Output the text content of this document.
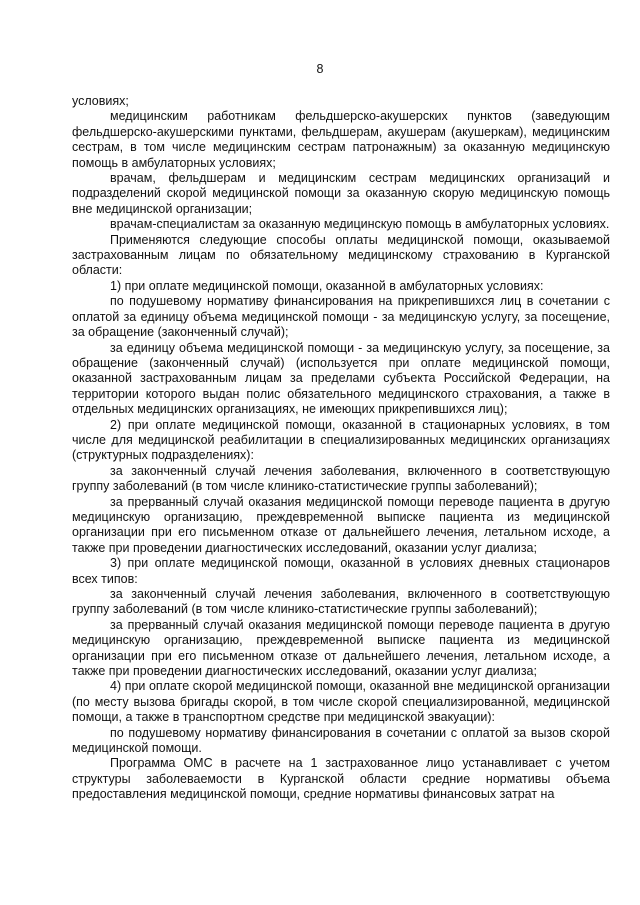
8

условиях;

медицинским работникам фельдшерско-акушерских пунктов (заведующим фельдшерско-акушерскими пунктами, фельдшерам, акушерам (акушеркам), медицинским сестрам, в том числе медицинским сестрам патронажным) за оказанную медицинскую помощь в амбулаторных условиях;

врачам, фельдшерам и медицинским сестрам медицинских организаций и подразделений скорой медицинской помощи за оказанную скорую медицинскую помощь вне медицинской организации;

врачам-специалистам за оказанную медицинскую помощь в амбулаторных условиях.

Применяются следующие способы оплаты медицинской помощи, оказываемой застрахованным лицам по обязательному медицинскому страхованию в Курганской области:

1) при оплате медицинской помощи, оказанной в амбулаторных условиях:

по подушевому нормативу финансирования на прикрепившихся лиц в сочетании с оплатой за единицу объема медицинской помощи - за медицинскую услугу, за посещение, за обращение (законченный случай);

за единицу объема медицинской помощи - за медицинскую услугу, за посещение, за обращение (законченный случай) (используется при оплате медицинской помощи, оказанной застрахованным лицам за пределами субъекта Российской Федерации, на территории которого выдан полис обязательного медицинского страхования, а также в отдельных медицинских организациях, не имеющих прикрепившихся лиц);

2) при оплате медицинской помощи, оказанной в стационарных условиях, в том числе для медицинской реабилитации в специализированных медицинских организациях (структурных подразделениях):

за законченный случай лечения заболевания, включенного в соответствующую группу заболеваний (в том числе клинико-статистические группы заболеваний);

за прерванный случай оказания медицинской помощи переводе пациента в другую медицинскую организацию, преждевременной выписке пациента из медицинской организации при его письменном отказе от дальнейшего лечения, летальном исходе, а также при проведении диагностических исследований, оказании услуг диализа;

3) при оплате медицинской помощи, оказанной в условиях дневных стационаров всех типов:

за законченный случай лечения заболевания, включенного в соответствующую группу заболеваний (в том числе клинико-статистические группы заболеваний);

за прерванный случай оказания медицинской помощи переводе пациента в другую медицинскую организацию, преждевременной выписке пациента из медицинской организации при его письменном отказе от дальнейшего лечения, летальном исходе, а также при проведении диагностических исследований, оказании услуг диализа;

4) при оплате скорой медицинской помощи, оказанной вне медицинской организации (по месту вызова бригады скорой, в том числе скорой специализированной, медицинской помощи, а также в транспортном средстве при медицинской эвакуации):

по подушевому нормативу финансирования в сочетании с оплатой за вызов скорой медицинской помощи.

Программа ОМС в расчете на 1 застрахованное лицо устанавливает с учетом структуры заболеваемости в Курганской области средние нормативы объема предоставления медицинской помощи, средние нормативы финансовых затрат на
